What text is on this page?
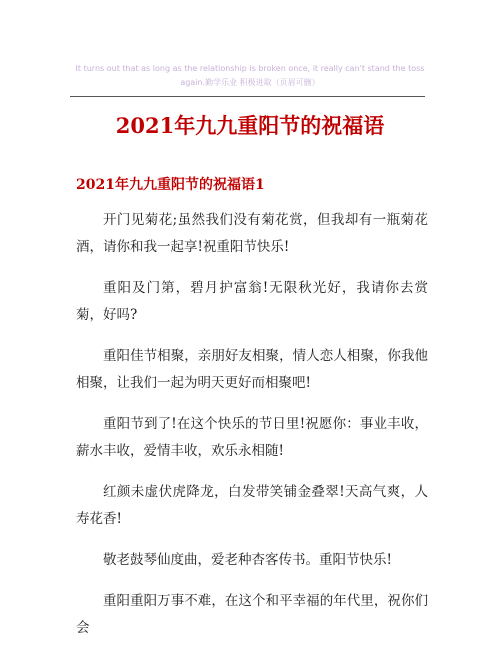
It turns out that as long as the relationship is broken once, it really can't stand the toss again.勤学乐业 积极进取（页眉可删）
2021年九九重阳节的祝福语
2021年九九重阳节的祝福语1

开门见菊花;虽然我们没有菊花赏，但我却有一瓶菊花酒，请你和我一起享!祝重阳节快乐!

重阳及门第，碧月护富翁!无限秋光好，我请你去赏菊，好吗?

重阳佳节相聚，亲朋好友相聚，情人恋人相聚，你我他相聚，让我们一起为明天更好而相聚吧!

重阳节到了!在这个快乐的节日里!祝愿你：事业丰收，薪水丰收，爱情丰收，欢乐永相随!

红颜未虚伏虎降龙，白发带笑铺金叠翠!天高气爽，人寿花香!

敬老鼓琴仙度曲，爱老种杏客传书。重阳节快乐!

重阳重阳万事不难，在这个和平幸福的年代里，祝你们会
